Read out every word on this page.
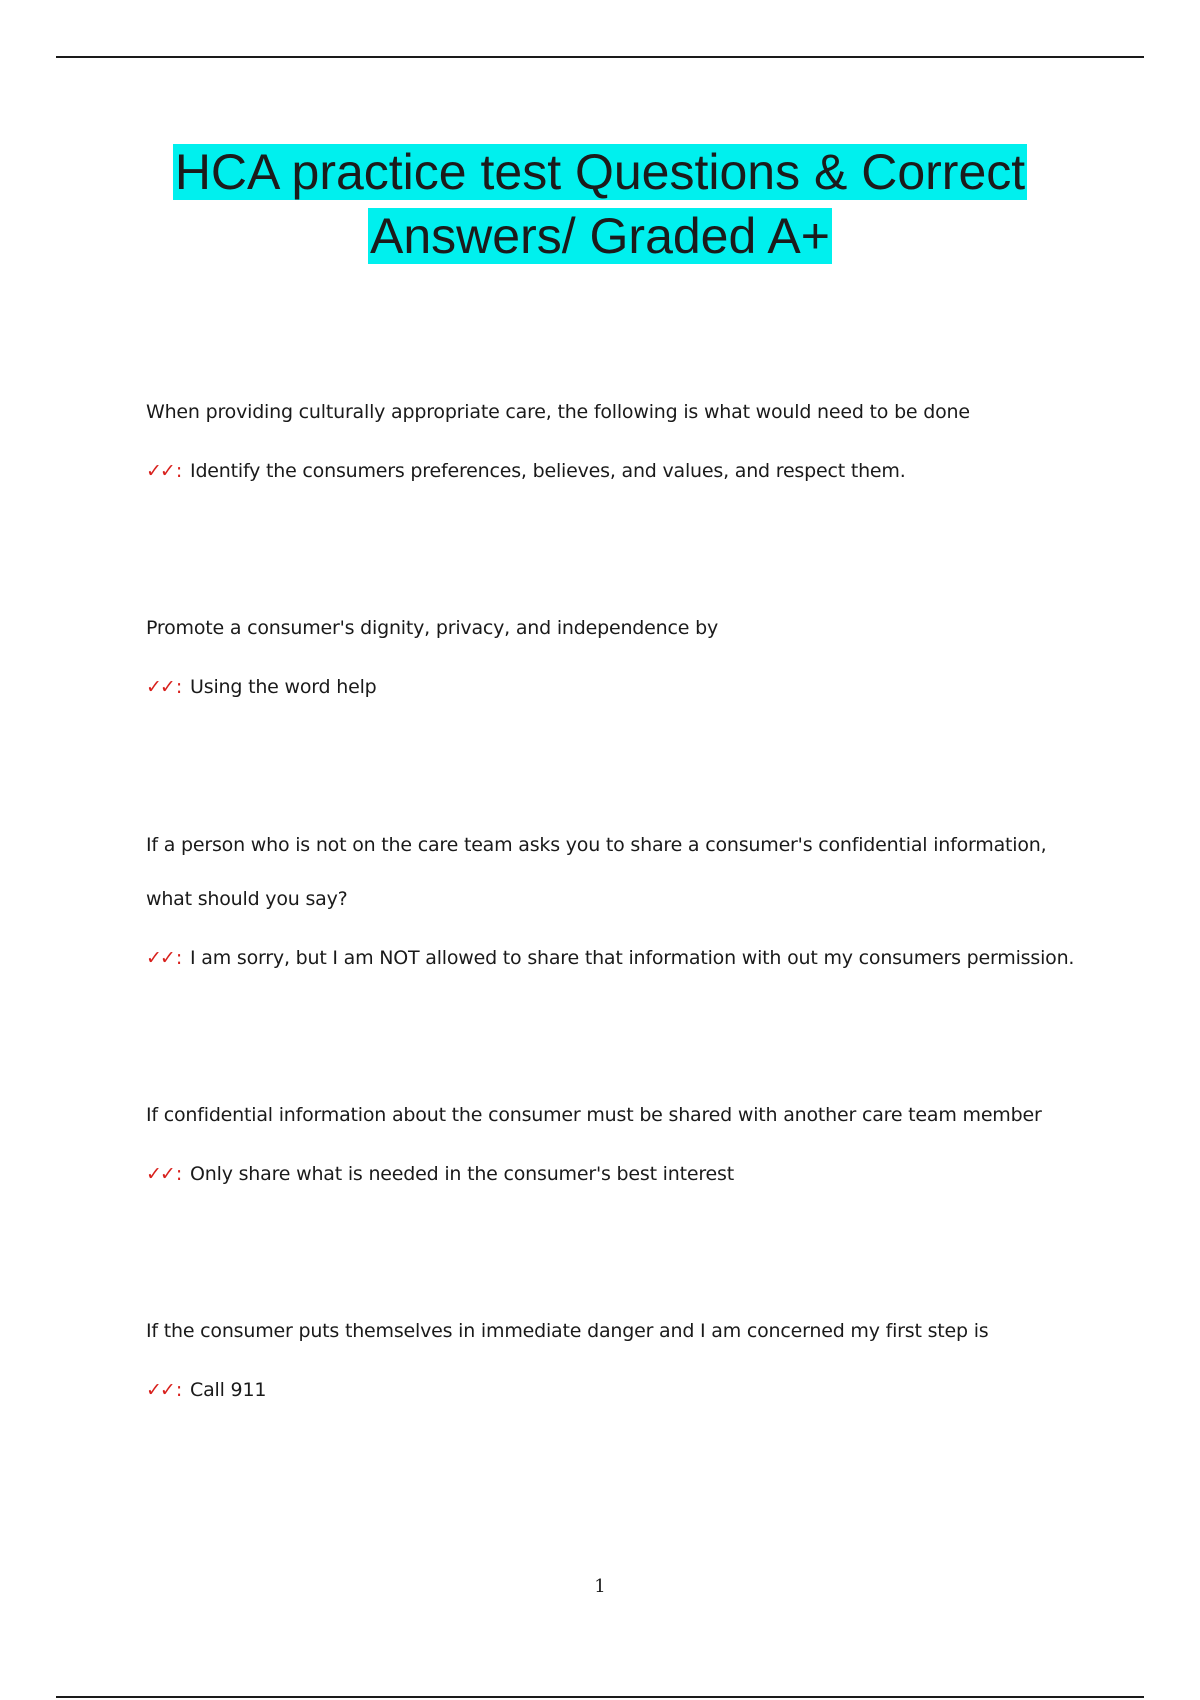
HCA practice test Questions & Correct
Answers/ Graded A+
When providing culturally appropriate care, the following is what would need to be done
✓✓ : Identify the consumers preferences, believes, and values, and respect them.
Promote a consumer's dignity, privacy, and independence by
✓✓ : Using the word help
If a person who is not on the care team asks you to share a consumer's confidential information, what should you say?
✓✓ : I am sorry, but I am NOT allowed to share that information with out my consumers permission.
If confidential information about the consumer must be shared with another care team member
✓✓ : Only share what is needed in the consumer's best interest
If the consumer puts themselves in immediate danger and I am concerned my first step is
✓✓ : Call 911
1
